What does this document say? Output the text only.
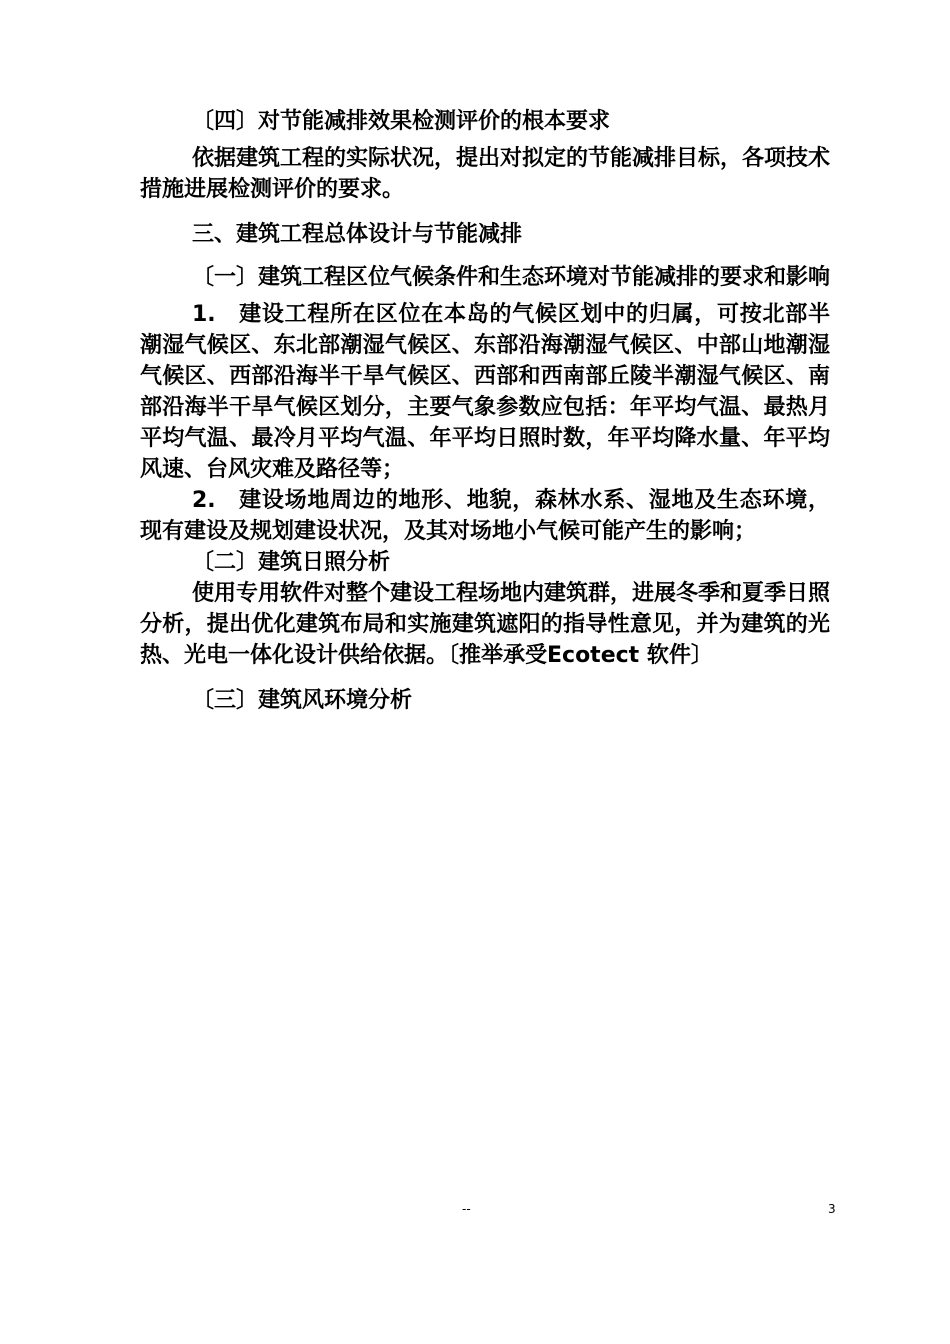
〔四〕对节能减排效果检测评价的根本要求

依据建筑工程的实际状况，提出对拟定的节能减排目标，各项技术措施进展检测评价的要求。

三、建筑工程总体设计与节能减排

〔一〕建筑工程区位气候条件和生态环境对节能减排的要求和影响

1.　建设工程所在区位在本岛的气候区划中的归属，可按北部半潮湿气候区、东北部潮湿气候区、东部沿海潮湿气候区、中部山地潮湿气候区、西部沿海半干旱气候区、西部和西南部丘陵半潮湿气候区、南部沿海半干旱气候区划分，主要气象参数应包括：年平均气温、最热月平均气温、最冷月平均气温、年平均日照时数，年平均降水量、年平均风速、台风灾难及路径等；

2.　建设场地周边的地形、地貌，森林水系、湿地及生态环境，现有建设及规划建设状况，及其对场地小气候可能产生的影响；

〔二〕建筑日照分析

使用专用软件对整个建设工程场地内建筑群，进展冬季和夏季日照分析，提出优化建筑布局和实施建筑遮阳的指导性意见，并为建筑的光热、光电一体化设计供给依据。〔推举承受Ecotect 软件〕

〔三〕建筑风环境分析

--	3
